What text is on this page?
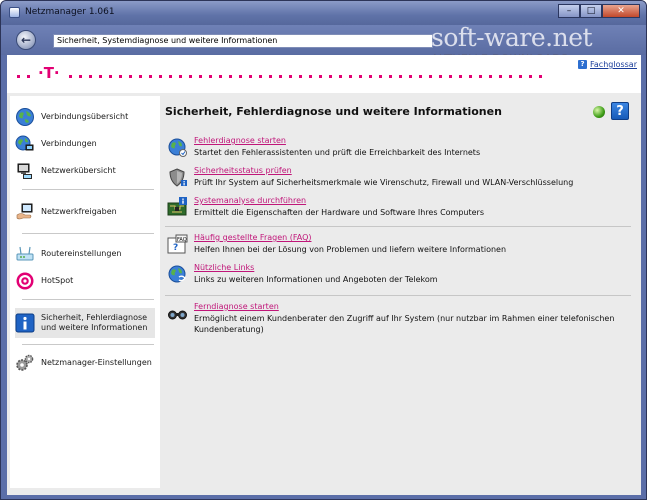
Netzmanager 1.061	–	□	✕
←	Sicherheit, Systemdiagnose und weitere Informationen	soft-ware.net
·T·	? Fachglossar
Verbindungsübersicht
Verbindungen
Netzwerkübersicht
Netzwerkfreigaben
Routereinstellungen
HotSpot
Sicherheit, Fehlerdiagnose und weitere Informationen
Netzmanager-Einstellungen
Sicherheit, Fehlerdiagnose und weitere Informationen	?
Fehlerdiagnose starten
Startet den Fehlerassistenten und prüft die Erreichbarkeit des Internets
Sicherheitsstatus prüfen
Prüft Ihr System auf Sicherheitsmerkmale wie Virenschutz, Firewall und WLAN-Verschlüsselung
Systemanalyse durchführen
Ermittelt die Eigenschaften der Hardware und Software Ihres Computers
FAQ
?
Häufig gestellte Fragen (FAQ)
Helfen Ihnen bei der Lösung von Problemen und liefern weitere Informationen
Nützliche Links
Links zu weiteren Informationen und Angeboten der Telekom
Ferndiagnose starten
Ermöglicht einem Kundenberater den Zugriff auf Ihr System (nur nutzbar im Rahmen einer telefonischen Kundenberatung)
